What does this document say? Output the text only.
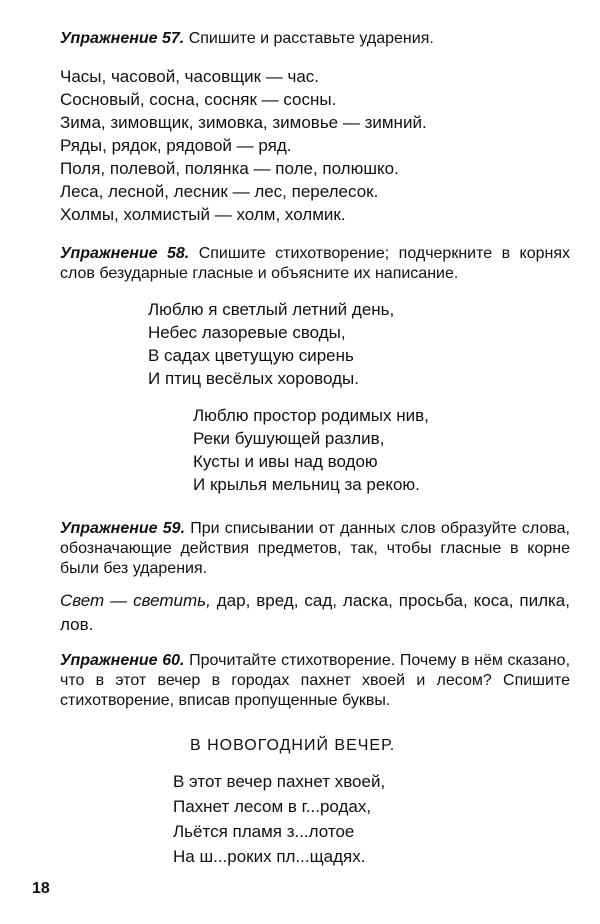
Упражнение 57. Спишите и расставьте ударения.
Часы, часовой, часовщик — час.
Сосновый, сосна, сосняк — сосны.
Зима, зимовщик, зимовка, зимовье — зимний.
Ряды, рядок, рядовой — ряд.
Поля, полевой, полянка — поле, полюшко.
Леса, лесной, лесник — лес, перелесок.
Холмы, холмистый — холм, холмик.
Упражнение 58. Спишите стихотворение; подчеркните в корнях слов безударные гласные и объясните их написание.
Люблю я светлый летний день,
Небес лазоревые своды,
В садах цветущую сирень
И птиц весёлых хороводы.
Люблю простор родимых нив,
Реки бушующей разлив,
Кусты и ивы над водою
И крылья мельниц за рекою.
Упражнение 59. При списывании от данных слов образуйте слова, обозначающие действия предметов, так, чтобы гласные в корне были без ударения.
Свет — светить, дар, вред, сад, ласка, просьба, коса, пилка, лов.
Упражнение 60. Прочитайте стихотворение. Почему в нём сказано, что в этот вечер в городах пахнет хвоей и лесом? Спишите стихотворение, вписав пропущенные буквы.
В НОВОГОДНИЙ ВЕЧЕР.
В этот вечер пахнет хвоей,
Пахнет лесом в г...родах,
Льётся пламя з...лотое
На ш...роких пл...щадях.
18
